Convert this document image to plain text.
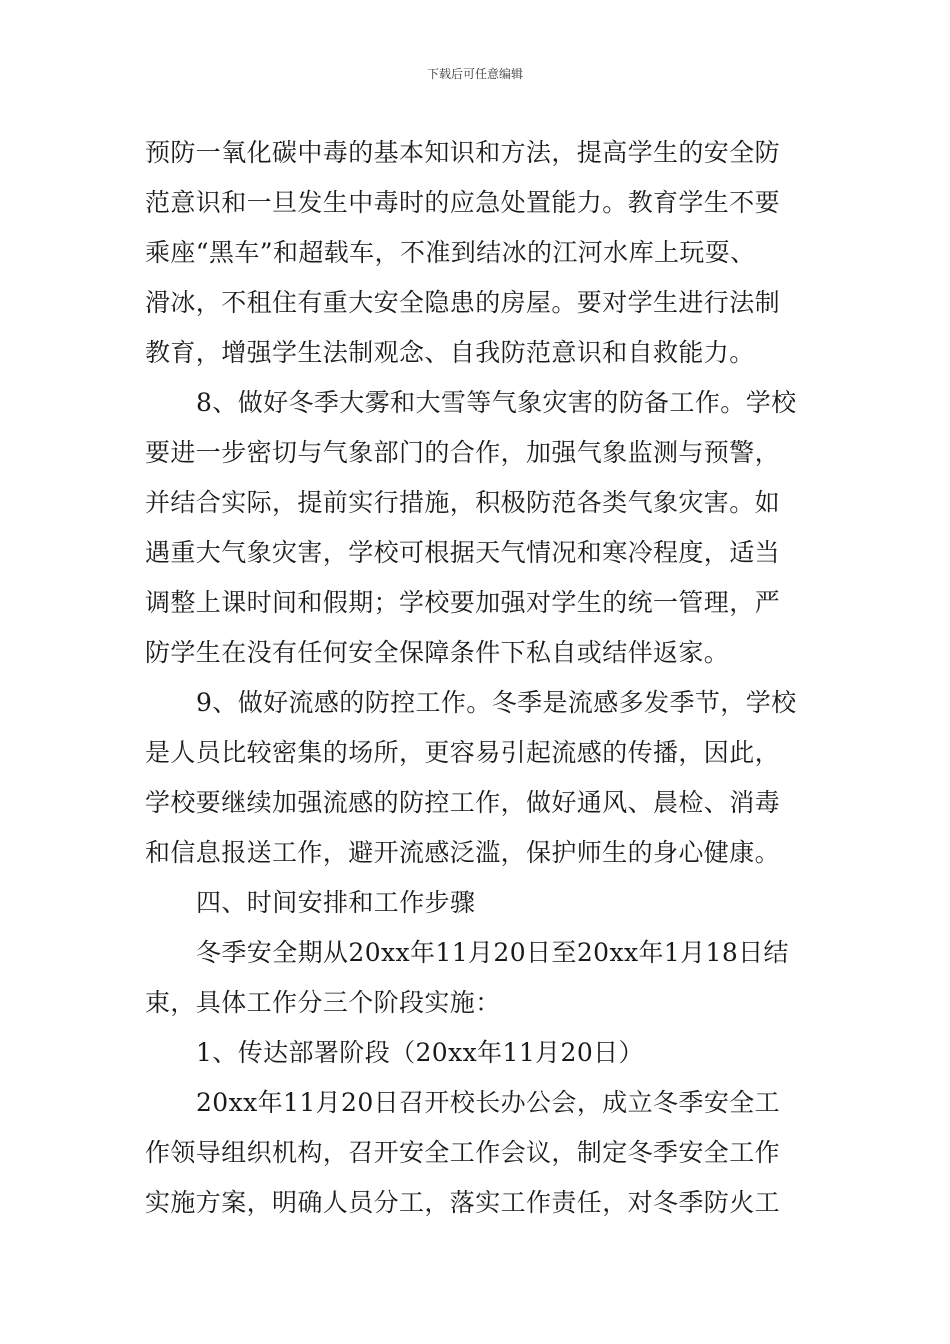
下载后可任意编辑
预防一氧化碳中毒的基本知识和方法，提高学生的安全防
范意识和一旦发生中毒时的应急处置能力。教育学生不要
乘座“黑车”和超载车，不准到结冰的江河水库上玩耍、
滑冰，不租住有重大安全隐患的房屋。要对学生进行法制
教育，增强学生法制观念、自我防范意识和自救能力。
8、做好冬季大雾和大雪等气象灾害的防备工作。学校
要进一步密切与气象部门的合作，加强气象监测与预警，
并结合实际，提前实行措施，积极防范各类气象灾害。如
遇重大气象灾害，学校可根据天气情况和寒冷程度，适当
调整上课时间和假期；学校要加强对学生的统一管理，严
防学生在没有任何安全保障条件下私自或结伴返家。
9、做好流感的防控工作。冬季是流感多发季节，学校
是人员比较密集的场所，更容易引起流感的传播，因此，
学校要继续加强流感的防控工作，做好通风、晨检、消毒
和信息报送工作，避开流感泛滥，保护师生的身心健康。
四、时间安排和工作步骤
冬季安全期从20xx年11月20日至20xx年1月18日结
束，具体工作分三个阶段实施：
1、传达部署阶段（20xx年11月20日）
20xx年11月20日召开校长办公会，成立冬季安全工
作领导组织机构，召开安全工作会议，制定冬季安全工作
实施方案，明确人员分工，落实工作责任，对冬季防火工
